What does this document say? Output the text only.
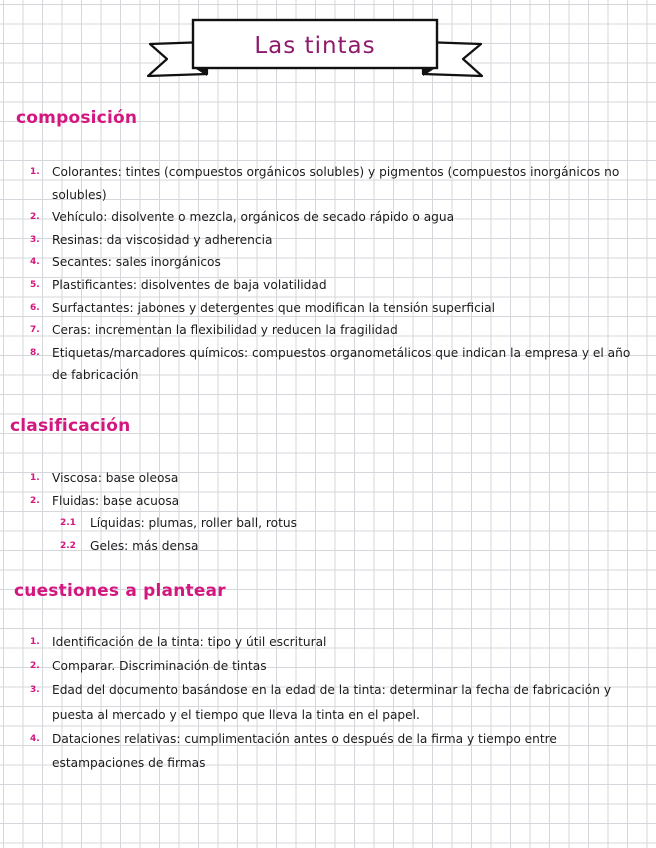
Las tintas
composición
1. Colorantes: tintes (compuestos orgánicos solubles) y pigmentos (compuestos inorgánicos no solubles)
2. Vehículo: disolvente o mezcla, orgánicos de secado rápido o agua
3. Resinas: da viscosidad y adherencia
4. Secantes: sales inorgánicos
5. Plastificantes: disolventes de baja volatilidad
6. Surfactantes: jabones y detergentes que modifican la tensión superficial
7. Ceras: incrementan la flexibilidad y reducen la fragilidad
8. Etiquetas/marcadores químicos: compuestos organometálicos que indican la empresa y el año de fabricación
clasificación
1. Viscosa: base oleosa
2. Fluidas: base acuosa
2.1 Líquidas: plumas, roller ball, rotus
2.2 Geles: más densa
cuestiones a plantear
1. Identificación de la tinta: tipo y útil escritural
2. Comparar. Discriminación de tintas
3. Edad del documento basándose en la edad de la tinta: determinar la fecha de fabricación y puesta al mercado y el tiempo que lleva la tinta en el papel.
4. Dataciones relativas: cumplimentación antes o después de la firma y tiempo entre estampaciones de firmas
